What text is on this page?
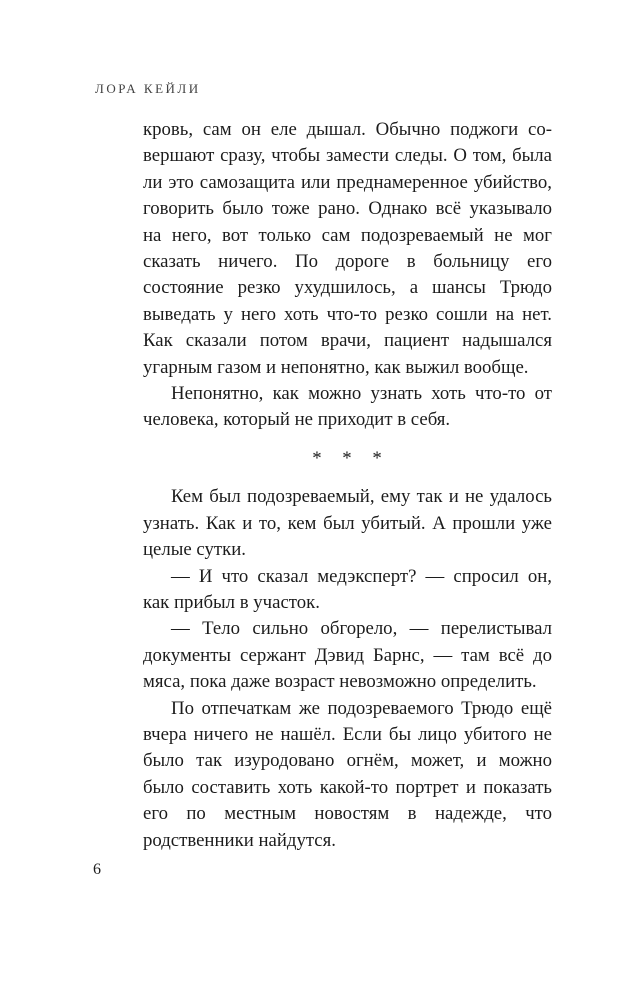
ЛОРА КЕЙЛИ

кровь, сам он еле дышал. Обычно поджоги совершают сразу, чтобы замести следы. О том, была ли это самозащита или преднамеренное убийство, говорить было тоже рано. Однако всё указывало на него, вот только сам подозреваемый не мог сказать ничего. По дороге в больницу его состояние резко ухудшилось, а шансы Трюдо выведать у него хоть что-то резко сошли на нет. Как сказали потом врачи, пациент надышался угарным газом и непонятно, как выжил вообще.

Непонятно, как можно узнать хоть что-то от человека, который не приходит в себя.

* * *

Кем был подозреваемый, ему так и не удалось узнать. Как и то, кем был убитый. А прошли уже целые сутки.

— И что сказал медэксперт? — спросил он, как прибыл в участок.

— Тело сильно обгорело, — перелистывал документы сержант Дэвид Барнс, — там всё до мяса, пока даже возраст невозможно определить.

По отпечаткам же подозреваемого Трюдо ещё вчера ничего не нашёл. Если бы лицо убитого не было так изуродовано огнём, может, и можно было составить хоть какой-то портрет и показать его по местным новостям в надежде, что родственники найдутся.

6
